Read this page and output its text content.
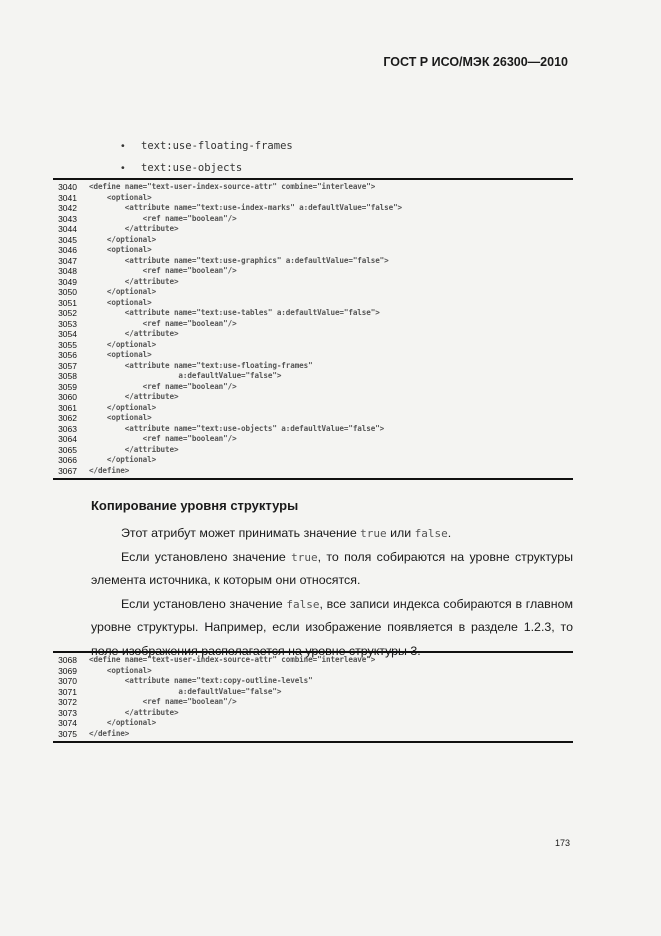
ГОСТ Р ИСО/МЭК 26300—2010
• text:use-floating-frames
• text:use-objects
3040	<define name="text-user-index-source-attr" combine="interleave">
3041	<optional>
3042	<attribute name="text:use-index-marks" a:defaultValue="false">
3043	<ref name="boolean"/>
3044	</attribute>
3045	</optional>
3046	<optional>
3047	<attribute name="text:use-graphics" a:defaultValue="false">
3048	<ref name="boolean"/>
3049	</attribute>
3050	</optional>
3051	<optional>
3052	<attribute name="text:use-tables" a:defaultValue="false">
3053	<ref name="boolean"/>
3054	</attribute>
3055	</optional>
3056	<optional>
3057	<attribute name="text:use-floating-frames"
3058	a:defaultValue="false">
3059	<ref name="boolean"/>
3060	</attribute>
3061	</optional>
3062	<optional>
3063	<attribute name="text:use-objects" a:defaultValue="false">
3064	<ref name="boolean"/>
3065	</attribute>
3066	</optional>
3067	</define>
Копирование уровня структуры

Этот атрибут может принимать значение true или false.

Если установлено значение true, то поля собираются на уровне структуры элемента источника, к которым они относятся.

Если установлено значение false, все записи индекса собираются в главном уровне структуры. Например, если изображение появляется в разделе 1.2.3, то поле изображения располагается на уровне структуры 3.

3068	<define name="text-user-index-source-attr" combine="interleave">
3069	<optional>
3070	<attribute name="text:copy-outline-levels"
3071	a:defaultValue="false">
3072	<ref name="boolean"/>
3073	</attribute>
3074	</optional>
3075	</define>
173
